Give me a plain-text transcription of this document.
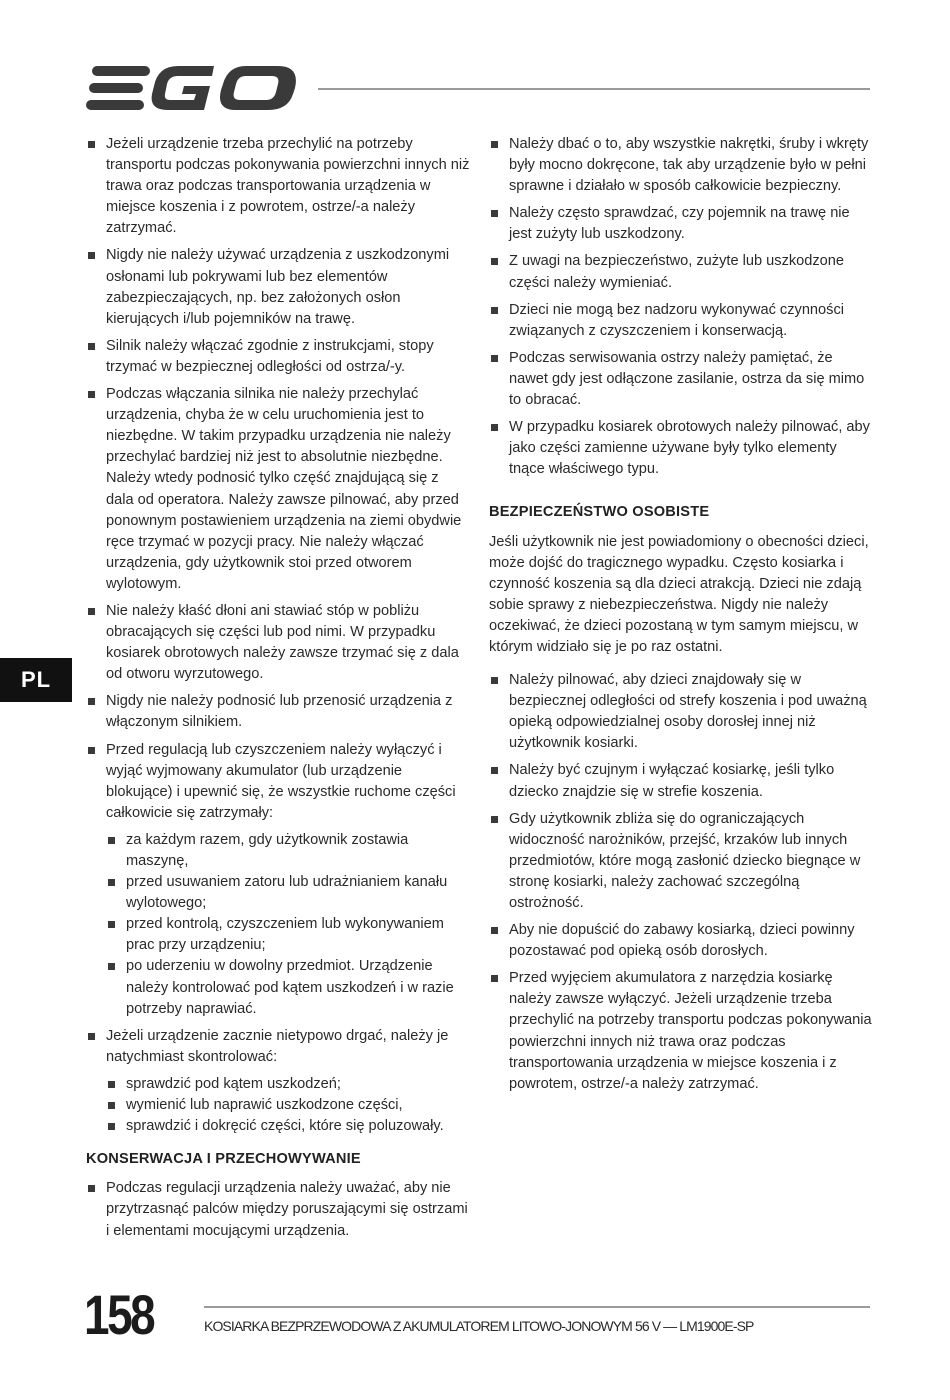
PL
Jeżeli urządzenie trzeba przechylić na potrzeby transportu podczas pokonywania powierzchni innych niż trawa oraz podczas transportowania urządzenia w miejsce koszenia i z powrotem, ostrze/-a należy zatrzymać.
Nigdy nie należy używać urządzenia z uszkodzonymi osłonami lub pokrywami lub bez elementów zabezpieczających, np. bez założonych osłon kierujących i/lub pojemników na trawę.
Silnik należy włączać zgodnie z instrukcjami, stopy trzymać w bezpiecznej odległości od ostrza/-y.
Podczas włączania silnika nie należy przechylać urządzenia, chyba że w celu uruchomienia jest to niezbędne. W takim przypadku urządzenia nie należy przechylać bardziej niż jest to absolutnie niezbędne. Należy wtedy podnosić tylko część znajdującą się z dala od operatora. Należy zawsze pilnować, aby przed ponownym postawieniem urządzenia na ziemi obydwie ręce trzymać w pozycji pracy. Nie należy włączać urządzenia, gdy użytkownik stoi przed otworem wylotowym.
Nie należy kłaść dłoni ani stawiać stóp w pobliżu obracających się części lub pod nimi. W przypadku kosiarek obrotowych należy zawsze trzymać się z dala od otworu wyrzutowego.
Nigdy nie należy podnosić lub przenosić urządzenia z włączonym silnikiem.
Przed regulacją lub czyszczeniem należy wyłączyć i wyjąć wyjmowany akumulator (lub urządzenie blokujące) i upewnić się, że wszystkie ruchome części całkowicie się zatrzymały:
za każdym razem, gdy użytkownik zostawia maszynę,
przed usuwaniem zatoru lub udrażnianiem kanału wylotowego;
przed kontrolą, czyszczeniem lub wykonywaniem prac przy urządzeniu;
po uderzeniu w dowolny przedmiot. Urządzenie należy kontrolować pod kątem uszkodzeń i w razie potrzeby naprawiać.
Jeżeli urządzenie zacznie nietypowo drgać, należy je natychmiast skontrolować:
sprawdzić pod kątem uszkodzeń;
wymienić lub naprawić uszkodzone części,
sprawdzić i dokręcić części, które się poluzowały.
KONSERWACJA I PRZECHOWYWANIE
Podczas regulacji urządzenia należy uważać, aby nie przytrzasnąć palców między poruszającymi się ostrzami i elementami mocującymi urządzenia.
Należy dbać o to, aby wszystkie nakrętki, śruby i wkręty były mocno dokręcone, tak aby urządzenie było w pełni sprawne i działało w sposób całkowicie bezpieczny.
Należy często sprawdzać, czy pojemnik na trawę nie jest zużyty lub uszkodzony.
Z uwagi na bezpieczeństwo, zużyte lub uszkodzone części należy wymieniać.
Dzieci nie mogą bez nadzoru wykonywać czynności związanych z czyszczeniem i konserwacją.
Podczas serwisowania ostrzy należy pamiętać, że nawet gdy jest odłączone zasilanie, ostrza da się mimo to obracać.
W przypadku kosiarek obrotowych należy pilnować, aby jako części zamienne używane były tylko elementy tnące właściwego typu.
BEZPIECZEŃSTWO OSOBISTE

Jeśli użytkownik nie jest powiadomiony o obecności dzieci, może dojść do tragicznego wypadku. Często kosiarka i czynność koszenia są dla dzieci atrakcją. Dzieci nie zdają sobie sprawy z niebezpieczeństwa. Nigdy nie należy oczekiwać, że dzieci pozostaną w tym samym miejscu, w którym widziało się je po raz ostatni.

Należy pilnować, aby dzieci znajdowały się w bezpiecznej odległości od strefy koszenia i pod uważną opieką odpowiedzialnej osoby dorosłej innej niż użytkownik kosiarki.
Należy być czujnym i wyłączać kosiarkę, jeśli tylko dziecko znajdzie się w strefie koszenia.
Gdy użytkownik zbliża się do ograniczających widoczność narożników, przejść, krzaków lub innych przedmiotów, które mogą zasłonić dziecko biegnące w stronę kosiarki, należy zachować szczególną ostrożność.
Aby nie dopuścić do zabawy kosiarką, dzieci powinny pozostawać pod opieką osób dorosłych.
Przed wyjęciem akumulatora z narzędzia kosiarkę należy zawsze wyłączyć. Jeżeli urządzenie trzeba przechylić na potrzeby transportu podczas pokonywania powierzchni innych niż trawa oraz podczas transportowania urządzenia w miejsce koszenia i z powrotem, ostrze/-a należy zatrzymać.
158	KOSIARKA BEZPRZEWODOWA Z AKUMULATOREM LITOWO-JONOWYM 56 V — LM1900E-SP
